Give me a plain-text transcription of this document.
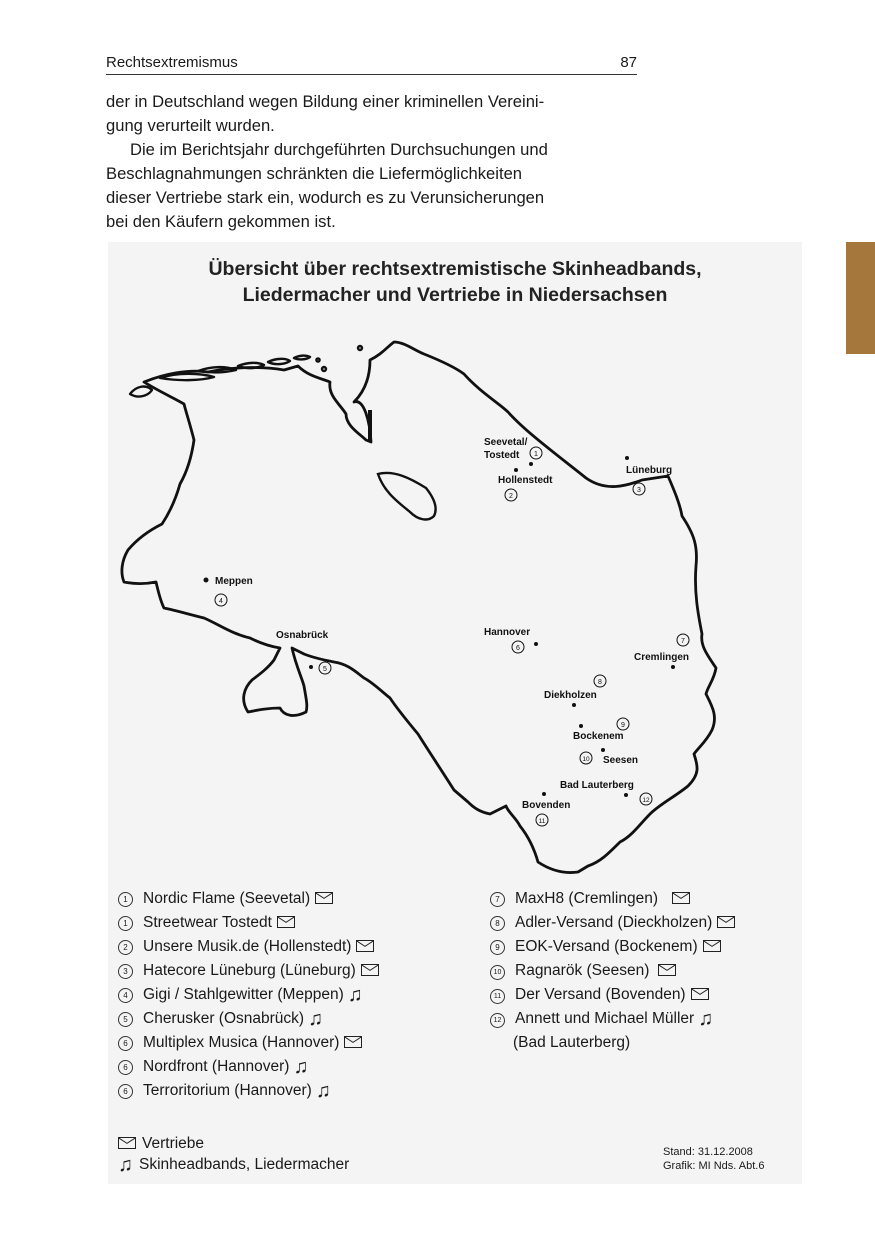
Rechtsextremismus	87
der in Deutschland wegen Bildung einer kriminellen Vereini-
gung verurteilt wurden.
Die im Berichtsjahr durchgeführten Durchsuchungen und
Beschlagnahmungen schränkten die Liefermöglichkeiten
dieser Vertriebe stark ein, wodurch es zu Verunsicherungen
bei den Käufern gekommen ist.
Übersicht über rechtsextremistische Skinheadbands,
Liedermacher und Vertriebe in Niedersachsen
Seevetal/
Tostedt 1
Hollenstedt
2
Lüneburg
3
Meppen
4
Osnabrück
5
Hannover
6
7
Cremlingen
8
Diekholzen
9
Bockenem
10 Seesen
Bad Lauterberg
12
Bovenden
11
1 Nordic Flame (Seevetal)
1 Streetwear Tostedt
2 Unsere Musik.de (Hollenstedt)
3 Hatecore Lüneburg (Lüneburg)
4 Gigi / Stahlgewitter (Meppen) ♫
5 Cherusker (Osnabrück) ♫
6 Multiplex Musica (Hannover)
6 Nordfront (Hannover) ♫
6 Terroritorium (Hannover) ♫
7 MaxH8 (Cremlingen)
8 Adler-Versand (Dieckholzen)
9 EOK-Versand (Bockenem)
10 Ragnarök (Seesen)
11 Der Versand (Bovenden)
12 Annett und Michael Müller ♫
(Bad Lauterberg)
Vertriebe
♫ Skinheadbands, Liedermacher
Stand: 31.12.2008
Grafik: MI Nds. Abt.6
